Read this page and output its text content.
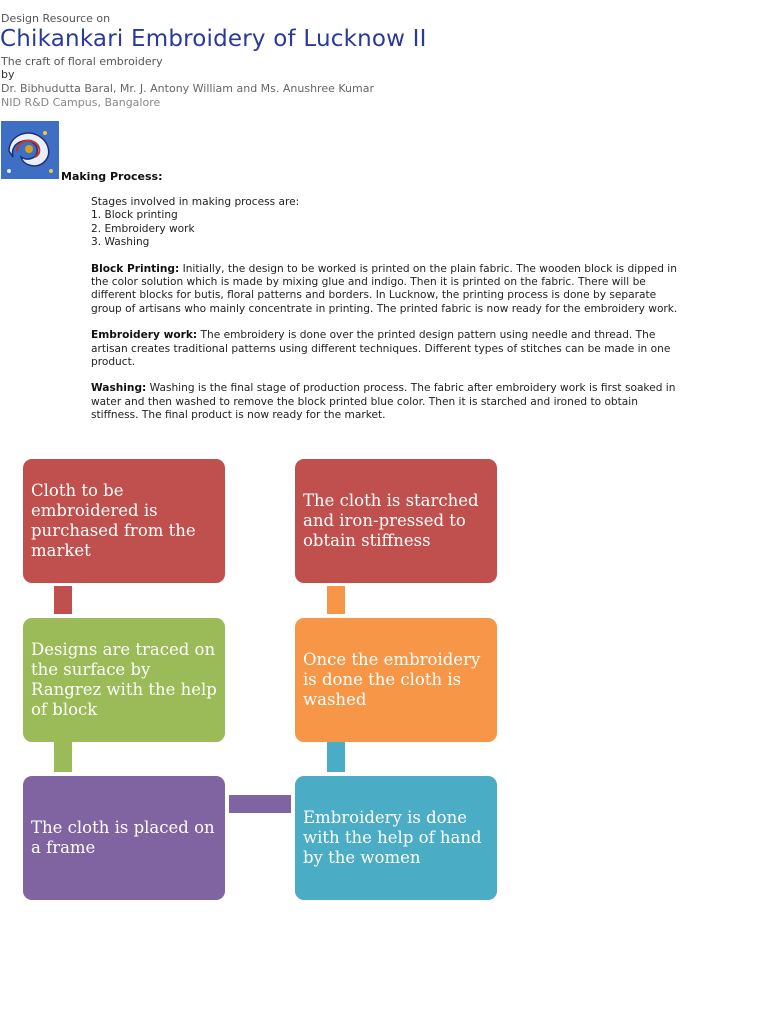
Design Resource on
Chikankari Embroidery of Lucknow II
The craft of floral embroidery
by
Dr. Bibhudutta Baral, Mr. J. Antony William and Ms. Anushree Kumar
NID R&D Campus, Bangalore
Making Process:

Stages involved in making process are:
1. Block printing
2. Embroidery work
3. Washing

Block Printing: Initially, the design to be worked is printed on the plain fabric. The wooden block is dipped in the color solution which is made by mixing glue and indigo. Then it is printed on the fabric. There will be different blocks for butis, floral patterns and borders. In Lucknow, the printing process is done by separate group of artisans who mainly concentrate in printing. The printed fabric is now ready for the embroidery work.

Embroidery work: The embroidery is done over the printed design pattern using needle and thread. The artisan creates traditional patterns using different techniques. Different types of stitches can be made in one product.

Washing: Washing is the final stage of production process. The fabric after embroidery work is first soaked in water and then washed to remove the block printed blue color. Then it is starched and ironed to obtain stiffness. The final product is now ready for the market.

Cloth to be embroidered is purchased from the market
Designs are traced on the surface by Rangrez with the help of block
The cloth is placed on a frame
Embroidery is done with the help of hand by the women
Once the embroidery is done the cloth is washed
The cloth is starched and iron-pressed to obtain stiffness
